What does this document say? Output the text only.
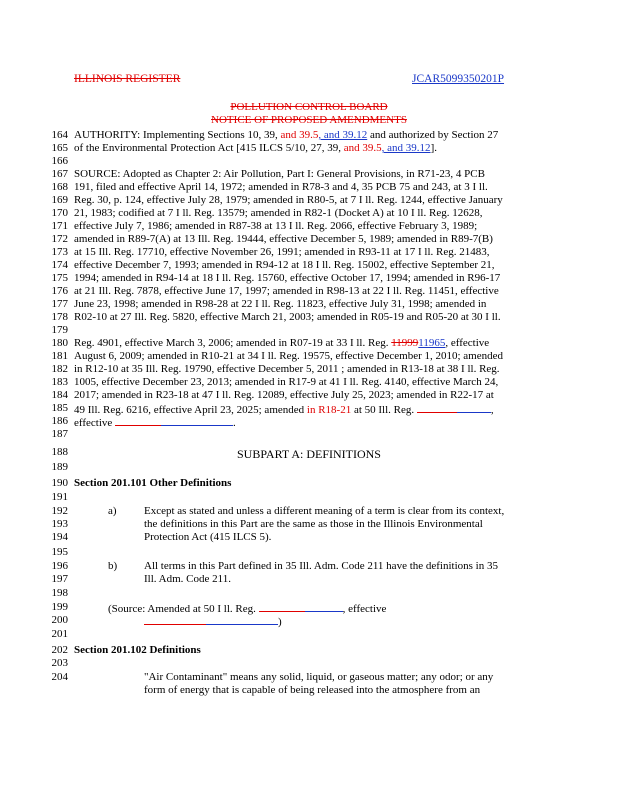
ILLINOIS REGISTER	JCAR5099350201P
POLLUTION CONTROL BOARD
NOTICE OF PROPOSED AMENDMENTS
164
165
166
167
168
169
170
171
172
173
174
175
176
177
178
179
180
181
182
183
184
185
186
187
188
189
190
191
192
193
194
195
196
197
198
199
200
201
202
203
204
AUTHORITY: Implementing Sections 10, 39, and 39.5, and 39.12 and authorized by Section 27
of the Environmental Protection Act [415 ILCS 5/10, 27, 39, and 39.5, and 39.12].
SOURCE: Adopted as Chapter 2: Air Pollution, Part I: General Provisions, in R71-23, 4 PCB
191, filed and effective April 14, 1972; amended in R78-3 and 4, 35 PCB 75 and 243, at 3 I ll.
Reg. 30, p. 124, effective July 28, 1979; amended in R80-5, at 7 I ll. Reg. 1244, effective January
21, 1983; codified at 7 I ll. Reg. 13579; amended in R82-1 (Docket A) at 10 I ll. Reg. 12628,
effective July 7, 1986; amended in R87-38 at 13 I ll. Reg. 2066, effective February 3, 1989;
amended in R89-7(A) at 13 Ill. Reg. 19444, effective December 5, 1989; amended in R89-7(B)
at 15 Ill. Reg. 17710, effective November 26, 1991; amended in R93-11 at 17 I ll. Reg. 21483,
effective December 7, 1993; amended in R94-12 at 18 I ll. Reg. 15002, effective September 21,
1994; amended in R94-14 at 18 I ll. Reg. 15760, effective October 17, 1994; amended in R96-17
at 21 Ill. Reg. 7878, effective June 17, 1997; amended in R98-13 at 22 I ll. Reg. 11451, effective
June 23, 1998; amended in R98-28 at 22 I ll. Reg. 11823, effective July 31, 1998; amended in
R02-10 at 27 Ill. Reg. 5820, effective March 21, 2003; amended in R05-19 and R05-20 at 30 I ll.
Reg. 4901, effective March 3, 2006; amended in R07-19 at 33 I ll. Reg. 1199911965, effective
August 6, 2009; amended in R10-21 at 34 I ll. Reg. 19575, effective December 1, 2010; amended
in R12-10 at 35 Ill. Reg. 19790, effective December 5, 2011 ; amended in R13-18 at 38 I ll. Reg.
1005, effective December 23, 2013; amended in R17-9 at 41 I ll. Reg. 4140, effective March 24,
2017; amended in R23-18 at 47 I ll. Reg. 12089, effective July 25, 2023; amended in R22-17 at
49 Ill. Reg. 6216, effective April 23, 2025; amended in R18-21 at 50 Ill. Reg.	,
effective	.
SUBPART A: DEFINITIONS
Section 201.101 Other Definitions
a) Except as stated and unless a different meaning of a term is clear from its context,
the definitions in this Part are the same as those in the Illinois Environmental
Protection Act (415 ILCS 5).
b) All terms in this Part defined in 35 Ill. Adm. Code 211 have the definitions in 35
Ill. Adm. Code 211.
(Source: Amended at 50 I ll. Reg.	, effective
)
Section 201.102 Definitions
"Air Contaminant" means any solid, liquid, or gaseous matter; any odor; or any
form of energy that is capable of being released into the atmosphere from an
